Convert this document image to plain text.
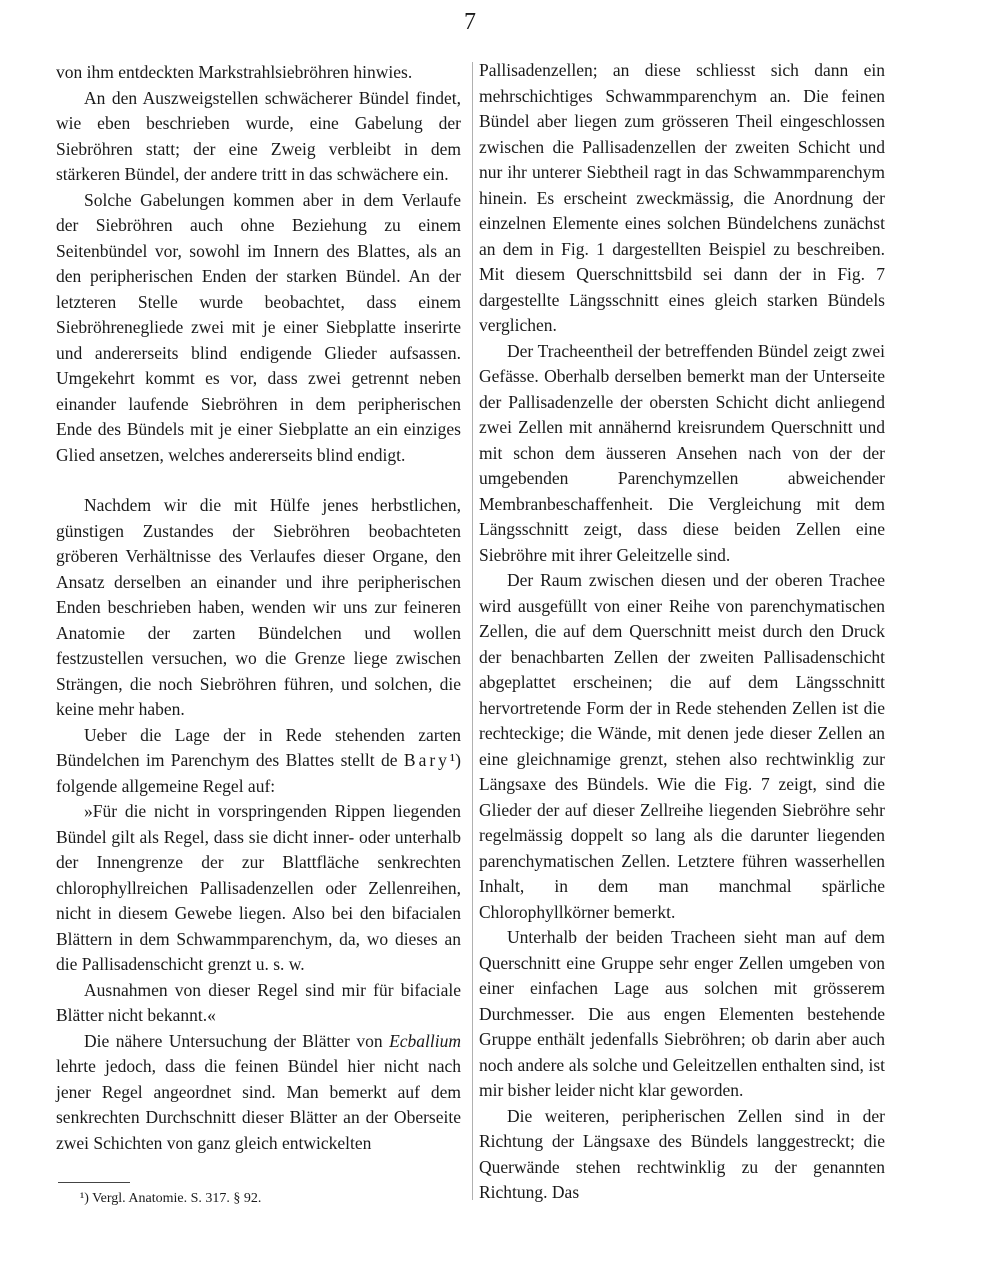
7

von ihm entdeckten Markstrahlsiebröhren hinwies.

An den Auszweigstellen schwächerer Bündel findet, wie eben beschrieben wurde, eine Gabelung der Siebröhren statt; der eine Zweig verbleibt in dem stärkeren Bündel, der andere tritt in das schwächere ein.

Solche Gabelungen kommen aber in dem Verlaufe der Siebröhren auch ohne Beziehung zu einem Seitenbündel vor, sowohl im Innern des Blattes, als an den peripherischen Enden der starken Bündel. An der letzteren Stelle wurde beobachtet, dass einem Siebröhrenegliede zwei mit je einer Siebplatte inserirte und andererseits blind endigende Glieder aufsassen. Umgekehrt kommt es vor, dass zwei getrennt neben einander laufende Siebröhren in dem peripherischen Ende des Bündels mit je einer Siebplatte an ein einziges Glied ansetzen, welches andererseits blind endigt.

Nachdem wir die mit Hülfe jenes herbstlichen, günstigen Zustandes der Siebröhren beobachteten gröberen Verhältnisse des Verlaufes dieser Organe, den Ansatz derselben an einander und ihre peripherischen Enden beschrieben haben, wenden wir uns zur feineren Anatomie der zarten Bündelchen und wollen festzustellen versuchen, wo die Grenze liege zwischen Strängen, die noch Siebröhren führen, und solchen, die keine mehr haben.

Ueber die Lage der in Rede stehenden zarten Bündelchen im Parenchym des Blattes stellt de Bary¹) folgende allgemeine Regel auf:

»Für die nicht in vorspringenden Rippen liegenden Bündel gilt als Regel, dass sie dicht inner- oder unterhalb der Innengrenze der zur Blattfläche senkrechten chlorophyllreichen Pallisadenzellen oder Zellenreihen, nicht in diesem Gewebe liegen. Also bei den bifacialen Blättern in dem Schwammparenchym, da, wo dieses an die Pallisadenschicht grenzt u. s. w.

Ausnahmen von dieser Regel sind mir für bifaciale Blätter nicht bekannt.«

Die nähere Untersuchung der Blätter von Ecballium lehrte jedoch, dass die feinen Bündel hier nicht nach jener Regel angeordnet sind. Man bemerkt auf dem senkrechten Durchschnitt dieser Blätter an der Oberseite zwei Schichten von ganz gleich entwickelten

Pallisadenzellen; an diese schliesst sich dann ein mehrschichtiges Schwammparenchym an. Die feinen Bündel aber liegen zum grösseren Theil eingeschlossen zwischen die Pallisadenzellen der zweiten Schicht und nur ihr unterer Siebtheil ragt in das Schwammparenchym hinein. Es erscheint zweckmässig, die Anordnung der einzelnen Elemente eines solchen Bündelchens zunächst an dem in Fig. 1 dargestellten Beispiel zu beschreiben. Mit diesem Querschnittsbild sei dann der in Fig. 7 dargestellte Längsschnitt eines gleich starken Bündels verglichen.

Der Tracheentheil der betreffenden Bündel zeigt zwei Gefässe. Oberhalb derselben bemerkt man der Unterseite der Pallisadenzelle der obersten Schicht dicht anliegend zwei Zellen mit annähernd kreisrundem Querschnitt und mit schon dem äusseren Ansehen nach von der der umgebenden Parenchymzellen abweichender Membranbeschaffenheit. Die Vergleichung mit dem Längsschnitt zeigt, dass diese beiden Zellen eine Siebröhre mit ihrer Geleitzelle sind.

Der Raum zwischen diesen und der oberen Trachee wird ausgefüllt von einer Reihe von parenchymatischen Zellen, die auf dem Querschnitt meist durch den Druck der benachbarten Zellen der zweiten Pallisadenschicht abgeplattet erscheinen; die auf dem Längsschnitt hervortretende Form der in Rede stehenden Zellen ist die rechteckige; die Wände, mit denen jede dieser Zellen an eine gleichnamige grenzt, stehen also rechtwinklig zur Längsaxe des Bündels. Wie die Fig. 7 zeigt, sind die Glieder der auf dieser Zellreihe liegenden Siebröhre sehr regelmässig doppelt so lang als die darunter liegenden parenchymatischen Zellen. Letztere führen wasserhellen Inhalt, in dem man manchmal spärliche Chlorophyllkörner bemerkt.

Unterhalb der beiden Tracheen sieht man auf dem Querschnitt eine Gruppe sehr enger Zellen umgeben von einer einfachen Lage aus solchen mit grösserem Durchmesser. Die aus engen Elementen bestehende Gruppe enthält jedenfalls Siebröhren; ob darin aber auch noch andere als solche und Geleitzellen enthalten sind, ist mir bisher leider nicht klar geworden.

Die weiteren, peripherischen Zellen sind in der Richtung der Längsaxe des Bündels langgestreckt; die Querwände stehen rechtwinklig zu der genannten Richtung. Das

¹) Vergl. Anatomie. S. 317. § 92.
